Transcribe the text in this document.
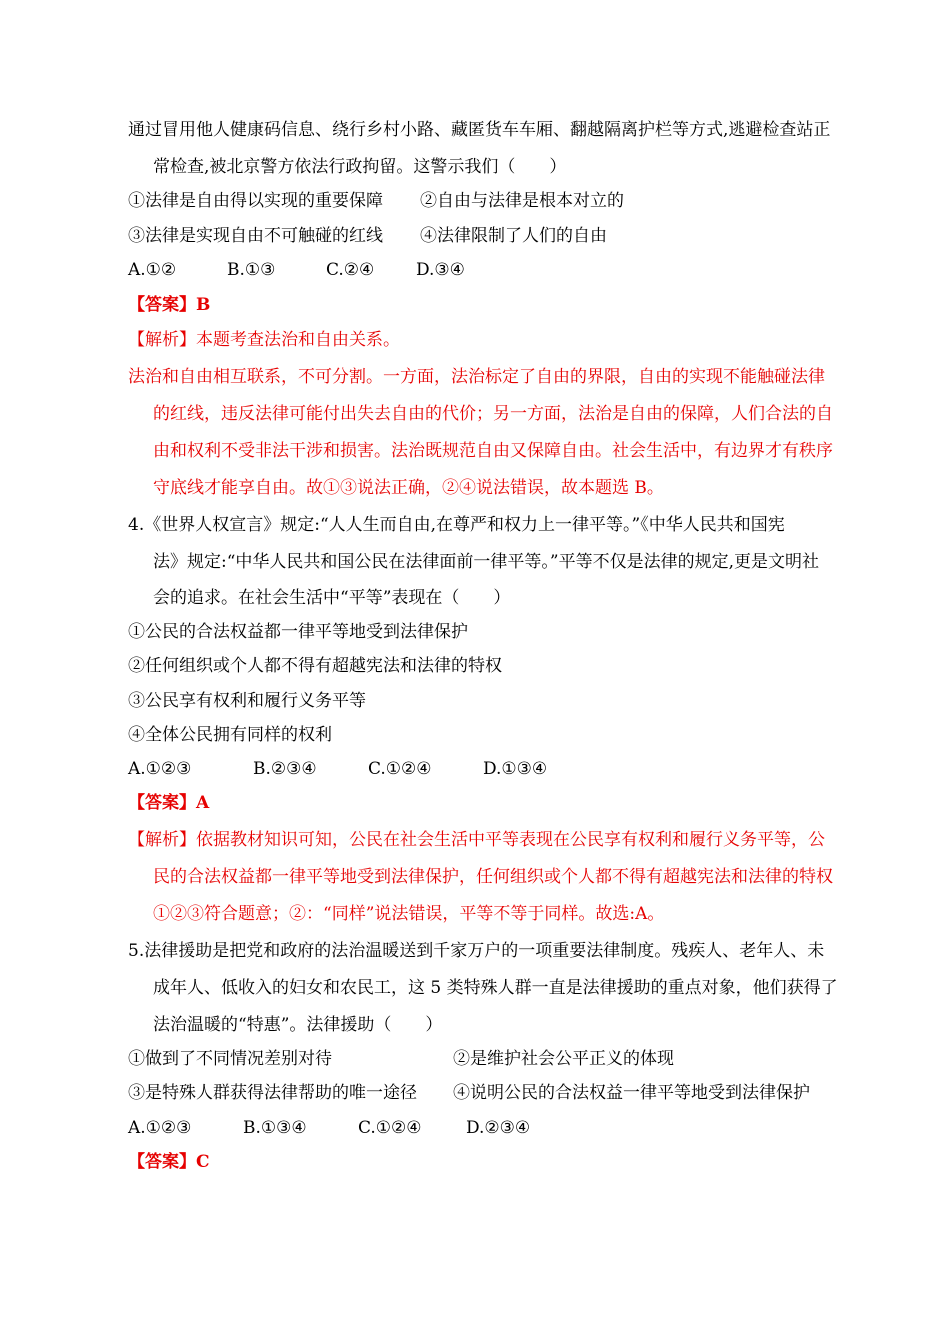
通过冒用他人健康码信息、绕行乡村小路、藏匿货车车厢、翻越隔离护栏等方式,逃避检查站正
常检查,被北京警方依法行政拘留。这警示我们（　　）
①法律是自由得以实现的重要保障 ②自由与法律是根本对立的
③法律是实现自由不可触碰的红线 ④法律限制了人们的自由
A.①②	B.①③	C.②④ D.③④
【答案】B
【解析】本题考查法治和自由关系。
法治和自由相互联系，不可分割。一方面，法治标定了自由的界限，自由的实现不能触碰法律
的红线，违反法律可能付出失去自由的代价；另一方面，法治是自由的保障，人们合法的自
由和权利不受非法干涉和损害。法治既规范自由又保障自由。社会生活中，有边界才有秩序
守底线才能享自由。故①③说法正确，②④说法错误，故本题选 B。
4.《世界人权宣言》规定:“人人生而自由,在尊严和权力上一律平等。”《中华人民共和国宪
法》规定:“中华人民共和国公民在法律面前一律平等。”平等不仅是法律的规定,更是文明社
会的追求。在社会生活中“平等”表现在（　　）
①公民的合法权益都一律平等地受到法律保护
②任何组织或个人都不得有超越宪法和法律的特权
③公民享有权利和履行义务平等
④全体公民拥有同样的权利
A.①②③	B.②③④	C.①②④	D.①③④
【答案】A
【解析】依据教材知识可知，公民在社会生活中平等表现在公民享有权利和履行义务平等，公
民的合法权益都一律平等地受到法律保护，任何组织或个人都不得有超越宪法和法律的特权
①②③符合题意；②：“同样”说法错误，平等不等于同样。故选:A。
5.法律援助是把党和政府的法治温暖送到千家万户的一项重要法律制度。残疾人、老年人、未
成年人、低收入的妇女和农民工，这 5 类特殊人群一直是法律援助的重点对象，他们获得了
法治温暖的“特惠”。法律援助（　　）
①做到了不同情况差别对待	②是维护社会公平正义的体现
③是特殊人群获得法律帮助的唯一途径 ④说明公民的合法权益一律平等地受到法律保护
A.①②③	B.①③④	C.①②④	D.②③④
【答案】C
